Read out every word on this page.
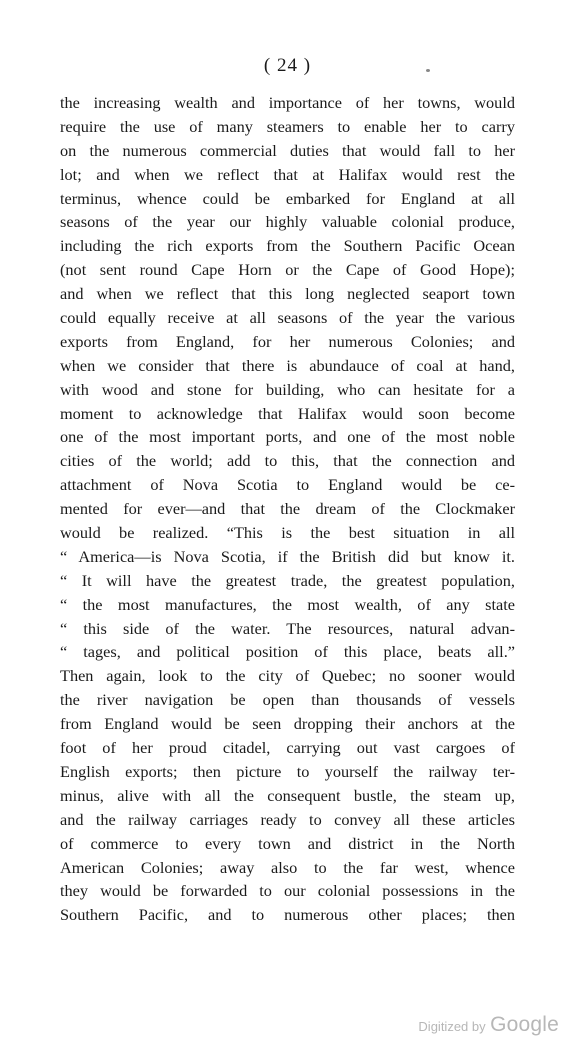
( 24 )
the increasing wealth and importance of her towns, would
require the use of many steamers to enable her to carry
on the numerous commercial duties that would fall to her
lot; and when we reflect that at Halifax would rest the
terminus, whence could be embarked for England at all
seasons of the year our highly valuable colonial produce,
including the rich exports from the Southern Pacific Ocean
(not sent round Cape Horn or the Cape of Good Hope);
and when we reflect that this long neglected seaport town
could equally receive at all seasons of the year the various
exports from England, for her numerous Colonies; and
when we consider that there is abundauce of coal at hand,
with wood and stone for building, who can hesitate for a
moment to acknowledge that Halifax would soon become
one of the most important ports, and one of the most noble
cities of the world; add to this, that the connection and
attachment of Nova Scotia to England would be ce-
mented for ever—and that the dream of the Clockmaker
would be realized. “This is the best situation in all
“ America—is Nova Scotia, if the British did but know it.
“ It will have the greatest trade, the greatest population,
“ the most manufactures, the most wealth, of any state
“ this side of the water. The resources, natural advan-
“ tages, and political position of this place, beats all.”
Then again, look to the city of Quebec; no sooner would
the river navigation be open than thousands of vessels
from England would be seen dropping their anchors at the
foot of her proud citadel, carrying out vast cargoes of
English exports; then picture to yourself the railway ter-
minus, alive with all the consequent bustle, the steam up,
and the railway carriages ready to convey all these articles
of commerce to every town and district in the North
American Colonies; away also to the far west, whence
they would be forwarded to our colonial possessions in the
Southern Pacific, and to numerous other places; then
Digitized by Google
